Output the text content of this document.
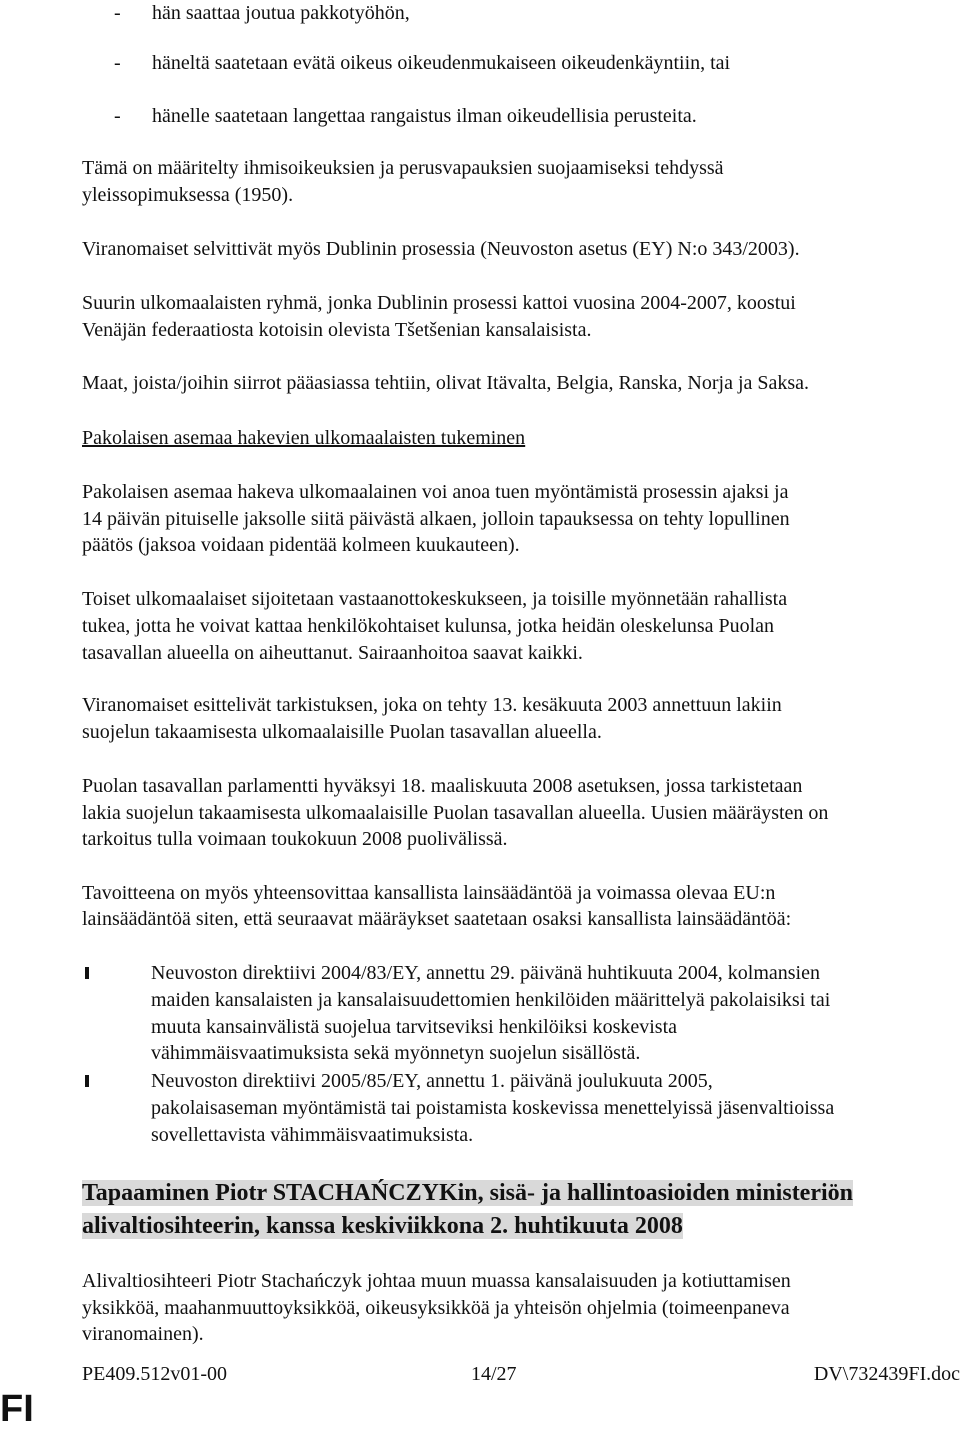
- hän saattaa joutua pakkotyöhön,
- häneltä saatetaan evätä oikeus oikeudenmukaiseen oikeudenkäyntiin, tai
- hänelle saatetaan langettaa rangaistus ilman oikeudellisia perusteita.
Tämä on määritelty ihmisoikeuksien ja perusvapauksien suojaamiseksi tehdyssä
yleissopimuksessa (1950).
Viranomaiset selvittivät myös Dublinin prosessia (Neuvoston asetus (EY) N:o 343/2003).
Suurin ulkomaalaisten ryhmä, jonka Dublinin prosessi kattoi vuosina 2004-2007, koostui
Venäjän federaatiosta kotoisin olevista Tšetšenian kansalaisista.
Maat, joista/joihin siirrot pääasiassa tehtiin, olivat Itävalta, Belgia, Ranska, Norja ja Saksa.
Pakolaisen asemaa hakevien ulkomaalaisten tukeminen
Pakolaisen asemaa hakeva ulkomaalainen voi anoa tuen myöntämistä prosessin ajaksi ja
14 päivän pituiselle jaksolle siitä päivästä alkaen, jolloin tapauksessa on tehty lopullinen
päätös (jaksoa voidaan pidentää kolmeen kuukauteen).
Toiset ulkomaalaiset sijoitetaan vastaanottokeskukseen, ja toisille myönnetään rahallista
tukea, jotta he voivat kattaa henkilökohtaiset kulunsa, jotka heidän oleskelunsa Puolan
tasavallan alueella on aiheuttanut. Sairaanhoitoa saavat kaikki.
Viranomaiset esittelivät tarkistuksen, joka on tehty 13. kesäkuuta 2003 annettuun lakiin
suojelun takaamisesta ulkomaalaisille Puolan tasavallan alueella.
Puolan tasavallan parlamentti hyväksyi 18. maaliskuuta 2008 asetuksen, jossa tarkistetaan
lakia suojelun takaamisesta ulkomaalaisille Puolan tasavallan alueella. Uusien määräysten on
tarkoitus tulla voimaan toukokuun 2008 puolivälissä.
Tavoitteena on myös yhteensovittaa kansallista lainsäädäntöä ja voimassa olevaa EU:n
lainsäädäntöä siten, että seuraavat määräykset saatetaan osaksi kansallista lainsäädäntöä:
Neuvoston direktiivi 2004/83/EY, annettu 29. päivänä huhtikuuta 2004, kolmansien
maiden kansalaisten ja kansalaisuudettomien henkilöiden määrittelyä pakolaisiksi tai
muuta kansainvälistä suojelua tarvitseviksi henkilöiksi koskevista
vähimmäisvaatimuksista sekä myönnetyn suojelun sisällöstä.
Neuvoston direktiivi 2005/85/EY, annettu 1. päivänä joulukuuta 2005,
pakolaisaseman myöntämistä tai poistamista koskevissa menettelyissä jäsenvaltioissa
sovellettavista vähimmäisvaatimuksista.
Tapaaminen Piotr STACHAŃCZYKin, sisä- ja hallintoasioiden ministeriön
alivaltiosihteerin, kanssa keskiviikkona 2. huhtikuuta 2008
Alivaltiosihteeri Piotr Stachańczyk johtaa muun muassa kansalaisuuden ja kotiuttamisen
yksikköä, maahanmuuttoyksikköä, oikeusyksikköä ja yhteisön ohjelmia (toimeenpaneva
viranomainen).
PE409.512v01-00	14/27	DV\732439FI.doc
FI
